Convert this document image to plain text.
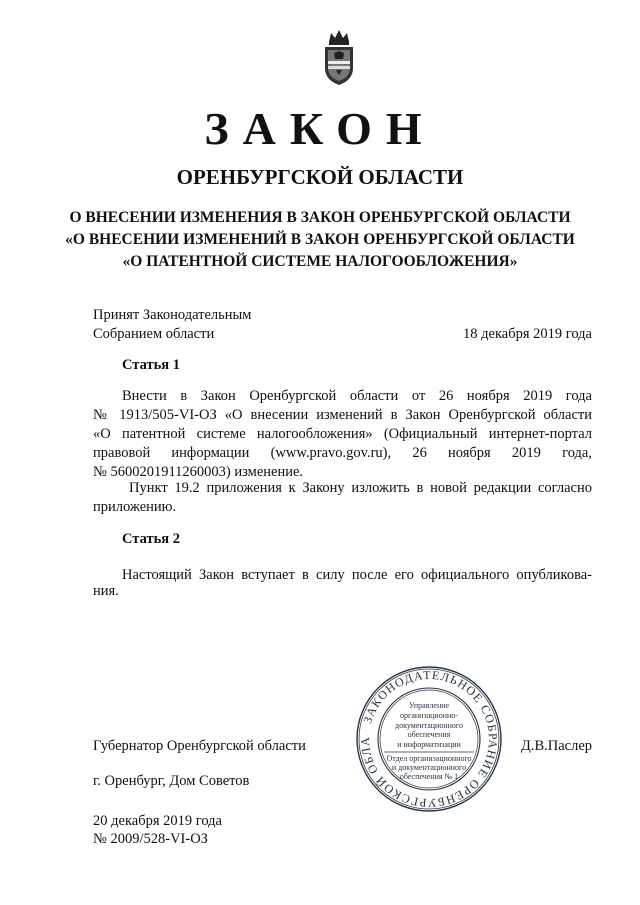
ЗАКОН
ОРЕНБУРГСКОЙ ОБЛАСТИ
О ВНЕСЕНИИ ИЗМЕНЕНИЯ В ЗАКОН ОРЕНБУРГСКОЙ ОБЛАСТИ
«О ВНЕСЕНИИ ИЗМЕНЕНИЙ В ЗАКОН ОРЕНБУРГСКОЙ ОБЛАСТИ
«О ПАТЕНТНОЙ СИСТЕМЕ НАЛОГООБЛОЖЕНИЯ»
Принят Законодательным
Собранием области	18 декабря 2019 года
Статья 1
Внести в Закон Оренбургской области от 26 ноября 2019 года
№ 1913/505-VI-ОЗ «О внесении изменений в Закон Оренбургской области
«О патентной системе налогообложения» (Официальный интернет-портал
правовой информации (www.pravo.gov.ru), 26 ноября 2019 года,
№ 5600201911260003) изменение.
Пункт 19.2 приложения к Закону изложить в новой редакции согласно
приложению.
Статья 2
Настоящий Закон вступает в силу после его официального опубликова-
ния.
ЗАКОНОДАТЕЛЬНОЕ СОБРАНИЕ ОРЕНБУРГСКОЙ ОБЛА
Управление
организационно-
документационного
обеспечения
и информатизации
Отдел организационного
и документационного
обеспечения № 1
Губернатор Оренбургской области	Д.В.Паслер
г. Оренбург, Дом Советов
20 декабря 2019 года
№ 2009/528-VI-ОЗ
